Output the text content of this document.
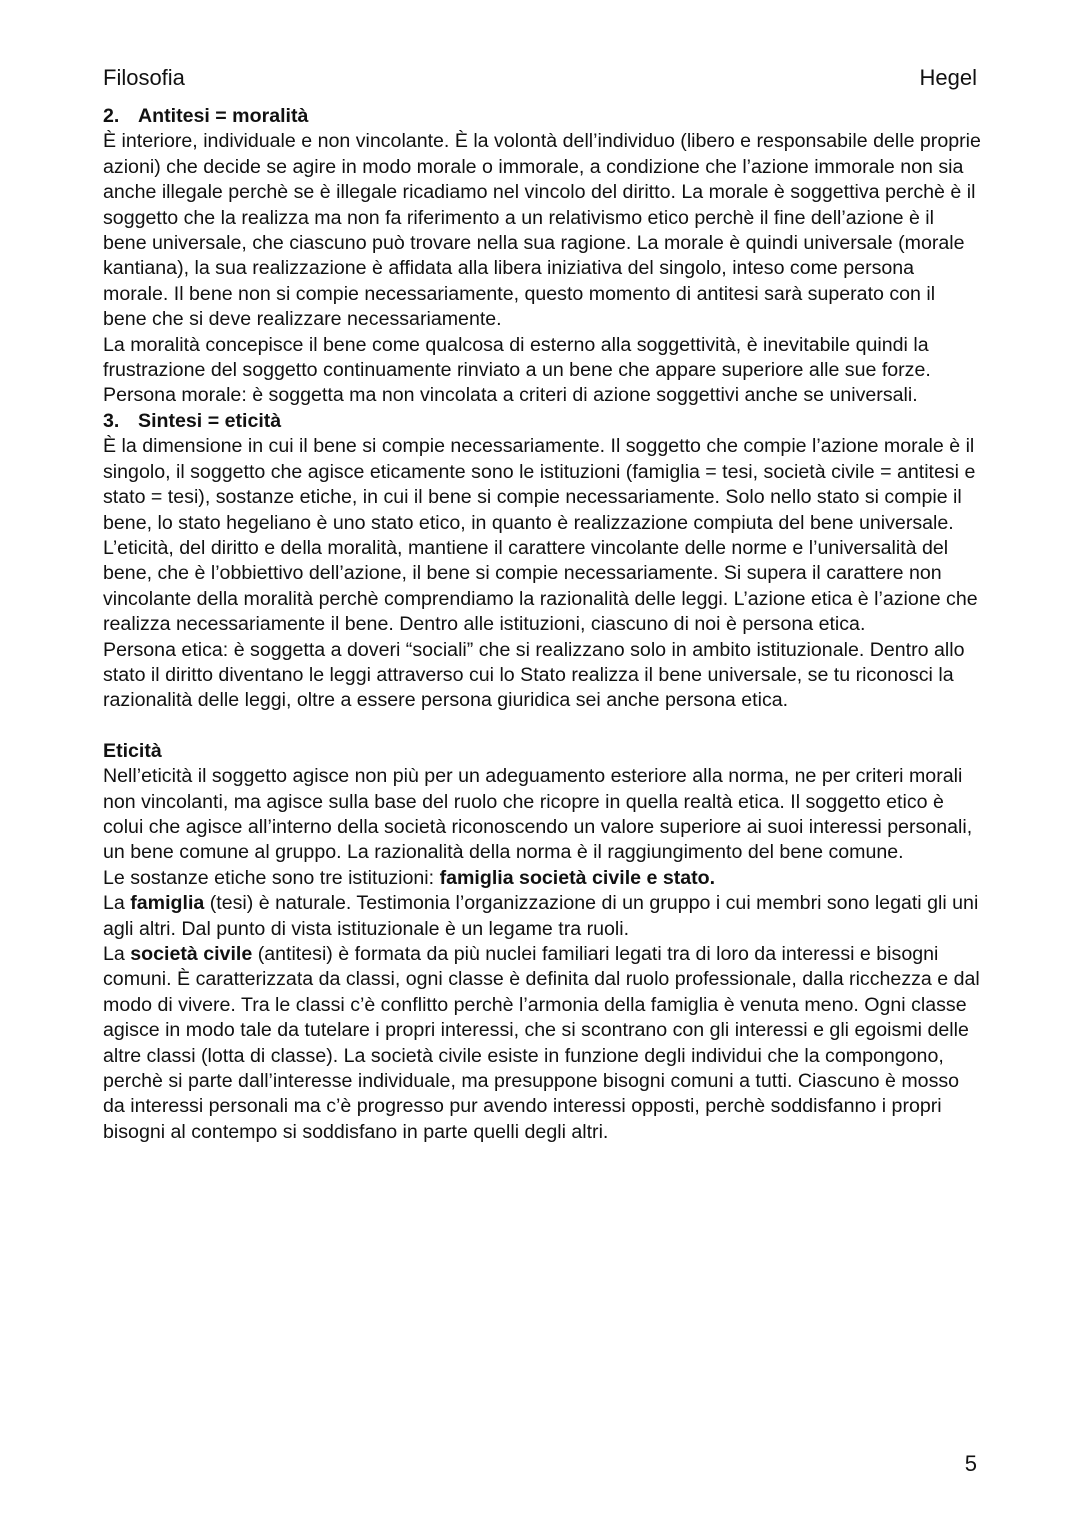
Filosofia	Hegel

2. Antitesi = moralità

È interiore, individuale e non vincolante. È la volontà dell’individuo (libero e responsabile delle proprie azioni) che decide se agire in modo morale o immorale, a condizione che l’azione immorale non sia anche illegale perchè se è illegale ricadiamo nel vincolo del diritto. La morale è soggettiva perchè è il soggetto che la realizza ma non fa riferimento a un relativismo etico perchè il fine dell’azione è il bene universale, che ciascuno può trovare nella sua ragione. La morale è quindi universale (morale kantiana), la sua realizzazione è affidata alla libera iniziativa del singolo, inteso come persona morale. Il bene non si compie necessariamente, questo momento di antitesi sarà superato con il bene che si deve realizzare necessariamente.

La moralità concepisce il bene come qualcosa di esterno alla soggettività, è inevitabile quindi la frustrazione del soggetto continuamente rinviato a un bene che appare superiore alle sue forze.

Persona morale: è soggetta ma non vincolata a criteri di azione soggettivi anche se universali.

3. Sintesi = eticità

È la dimensione in cui il bene si compie necessariamente. Il soggetto che compie l’azione morale è il singolo, il soggetto che agisce eticamente sono le istituzioni (famiglia = tesi, società civile = antitesi e stato = tesi), sostanze etiche, in cui il bene si compie necessariamente. Solo nello stato si compie il bene, lo stato hegeliano è uno stato etico, in quanto è realizzazione compiuta del bene universale.

L’eticità, del diritto e della moralità, mantiene il carattere vincolante delle norme e l’universalità del bene, che è l’obbiettivo dell’azione, il bene si compie necessariamente. Si supera il carattere non vincolante della moralità perchè comprendiamo la razionalità delle leggi. L’azione etica è l’azione che realizza necessariamente il bene. Dentro alle istituzioni, ciascuno di noi è persona etica.

Persona etica: è soggetta a doveri “sociali” che si realizzano solo in ambito istituzionale. Dentro allo stato il diritto diventano le leggi attraverso cui lo Stato realizza il bene universale, se tu riconosci la razionalità delle leggi, oltre a essere persona giuridica sei anche persona etica.

Eticità

Nell’eticità il soggetto agisce non più per un adeguamento esteriore alla norma, ne per criteri morali non vincolanti, ma agisce sulla base del ruolo che ricopre in quella realtà etica. Il soggetto etico è colui che agisce all’interno della società riconoscendo un valore superiore ai suoi interessi personali, un bene comune al gruppo. La razionalità della norma è il raggiungimento del bene comune.

Le sostanze etiche sono tre istituzioni: famiglia società civile e stato.

La famiglia (tesi) è naturale. Testimonia l’organizzazione di un gruppo i cui membri sono legati gli uni agli altri. Dal punto di vista istituzionale è un legame tra ruoli.

La società civile (antitesi) è formata da più nuclei familiari legati tra di loro da interessi e bisogni comuni. È caratterizzata da classi, ogni classe è definita dal ruolo professionale, dalla ricchezza e dal modo di vivere. Tra le classi c’è conflitto perchè l’armonia della famiglia è venuta meno. Ogni classe agisce in modo tale da tutelare i propri interessi, che si scontrano con gli interessi e gli egoismi delle altre classi (lotta di classe). La società civile esiste in funzione degli individui che la compongono, perchè si parte dall’interesse individuale, ma presuppone bisogni comuni a tutti. Ciascuno è mosso da interessi personali ma c’è progresso pur avendo interessi opposti, perchè soddisfanno i propri bisogni al contempo si soddisfano in parte quelli degli altri.

5
